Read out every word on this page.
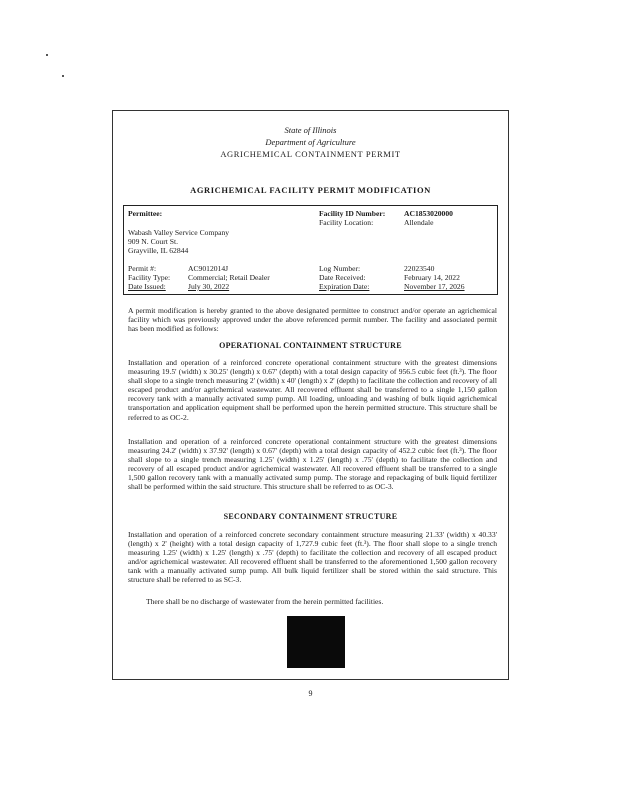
State of Illinois
Department of Agriculture
AGRICHEMICAL CONTAINMENT PERMIT
AGRICHEMICAL FACILITY PERMIT MODIFICATION
Permittee:	Facility ID Number: AC1853020000
Facility Location:	Allendale
Wabash Valley Service Company
909 N. Court St.
Grayville, IL 62844
Permit #:	AC9012014J	Log Number:	22023540
Facility Type: Commercial; Retail Dealer	Date Received:	February 14, 2022
Date Issued:	July 30, 2022	Expiration Date:	November 17, 2026

A permit modification is hereby granted to the above designated permittee to construct and/or operate an agrichemical facility which was previously approved under the above referenced permit number. The facility and associated permit has been modified as follows:

OPERATIONAL CONTAINMENT STRUCTURE

Installation and operation of a reinforced concrete operational containment structure with the greatest dimensions measuring 19.5' (width) x 30.25' (length) x 0.67' (depth) with a total design capacity of 956.5 cubic feet (ft.³). The floor shall slope to a single trench measuring 2' (width) x 40' (length) x 2' (depth) to facilitate the collection and recovery of all escaped product and/or agrichemical wastewater. All recovered effluent shall be transferred to a single 1,150 gallon recovery tank with a manually activated sump pump. All loading, unloading and washing of bulk liquid agrichemical transportation and application equipment shall be performed upon the herein permitted structure. This structure shall be referred to as OC-2.

Installation and operation of a reinforced concrete operational containment structure with the greatest dimensions measuring 24.2' (width) x 37.92' (length) x 0.67' (depth) with a total design capacity of 452.2 cubic feet (ft.³). The floor shall slope to a single trench measuring 1.25' (width) x 1.25' (length) x .75' (depth) to facilitate the collection and recovery of all escaped product and/or agrichemical wastewater. All recovered effluent shall be transferred to a single 1,500 gallon recovery tank with a manually activated sump pump. The storage and repackaging of bulk liquid fertilizer shall be performed within the said structure. This structure shall be referred to as OC-3.

SECONDARY CONTAINMENT STRUCTURE

Installation and operation of a reinforced concrete secondary containment structure measuring 21.33' (width) x 40.33' (length) x 2' (height) with a total design capacity of 1,727.9 cubic feet (ft.³). The floor shall slope to a single trench measuring 1.25' (width) x 1.25' (length) x .75' (depth) to facilitate the collection and recovery of all escaped product and/or agrichemical wastewater. All recovered effluent shall be transferred to the aforementioned 1,500 gallon recovery tank with a manually activated sump pump. All bulk liquid fertilizer shall be stored within the said structure. This structure shall be referred to as SC-3.

There shall be no discharge of wastewater from the herein permitted facilities.

9
